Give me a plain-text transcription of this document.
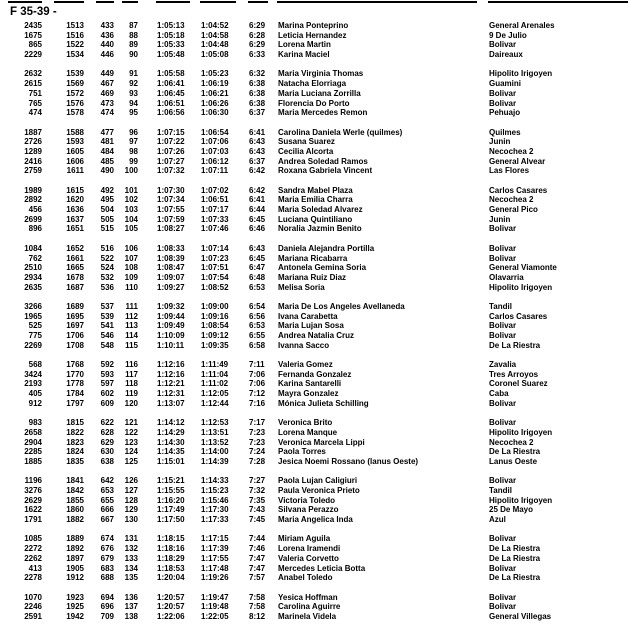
F 35-39 -
2435	1513	433	87 1:05:13 1:04:52	6:29 Marina Ponteprino	General Arenales
1675	1516	436	88 1:05:18 1:04:58	6:28 Leticia Hernandez	9 De Julio
865	1522	440	89 1:05:33 1:04:48	6:29 Lorena Martin	Bolivar
2229	1534	446	90 1:05:48 1:05:08	6:33 Karina Maciel	Daireaux
2632	1539	449	91 1:05:58 1:05:23	6:32 Maria Virginia Thomas	Hipolito Irigoyen
2615	1569	467	92 1:06:41 1:06:19	6:38 Natacha Elorriaga	Guamini
751	1572	469	93 1:06:45 1:06:21	6:38 Maria Luciana Zorrilla	Bolivar
765	1576	473	94 1:06:51 1:06:26	6:38 Florencia Do Porto	Bolivar
474	1578	474	95 1:06:56 1:06:30	6:37 Maria Mercedes Remon	Pehuajo
1887	1588	477	96 1:07:15 1:06:54	6:41 Carolina Daniela Werle (quilmes)	Quilmes
2726	1593	481	97 1:07:22 1:07:06	6:43 Susana Suarez	Junin
1289	1605	484	98 1:07:26 1:07:03	6:43 Cecilia Alcorta	Necochea 2
2416	1606	485	99 1:07:27 1:06:12	6:37 Andrea Soledad Ramos	General Alvear
2759	1611	490	100 1:07:32 1:07:11	6:42 Roxana Gabriela Vincent	Las Flores
1989	1615	492	101 1:07:30 1:07:02	6:42 Sandra Mabel Plaza	Carlos Casares
2892	1620	495	102 1:07:34 1:06:51	6:41 Maria Emilia Charra	Necochea 2
456	1636	504	103 1:07:55 1:07:17	6:44 Maria Soledad Alvarez	General Pico
2699	1637	505	104 1:07:59 1:07:33	6:45 Luciana Quintiliano	Junin
896	1651	515	105 1:08:27 1:07:46	6:46 Noralia Jazmin Benito	Bolivar
1084	1652	516	106 1:08:33 1:07:14	6:43 Daniela Alejandra Portilla	Bolivar
762	1661	522	107 1:08:39 1:07:23	6:45 Mariana Ricabarra	Bolivar
2510	1665	524	108 1:08:47 1:07:51	6:47 Antonela Gemina Soria	General Viamonte
2934	1678	532	109 1:09:07 1:07:54	6:48 Mariana Ruiz Diaz	Olavarria
2635	1687	536	110 1:09:27 1:08:52	6:53 Melisa Soria	Hipolito Irigoyen
3266	1689	537	111 1:09:32 1:09:00	6:54 Maria De Los Angeles Avellaneda	Tandil
1965	1695	539	112 1:09:44 1:09:16	6:56 Ivana Carabetta	Carlos Casares
525	1697	541	113 1:09:49 1:08:54	6:53 Maria Lujan Sosa	Bolivar
775	1706	546	114 1:10:09 1:09:12	6:55 Andrea Natalia Cruz	Bolivar
2269	1708	548	115 1:10:11 1:09:35	6:58 Ivanna Sacco	De La Riestra
568	1768	592	116 1:12:16 1:11:49	7:11 Valeria Gomez	Zavalia
3424	1770	593	117 1:12:16 1:11:04	7:06 Fernanda Gonzalez	Tres Arroyos
2193	1778	597	118 1:12:21 1:11:02	7:06 Karina Santarelli	Coronel Suarez
405	1784	602	119 1:12:31 1:12:05	7:12 Mayra Gonzalez	Caba
912	1797	609	120 1:13:07 1:12:44	7:16 Mónica Julieta Schilling	Bolivar
983	1815	622	121 1:14:12 1:12:53	7:17 Veronica Brito	Bolivar
2658	1822	628	122 1:14:29 1:13:51	7:23 Lorena Manque	Hipolito Irigoyen
2904	1823	629	123 1:14:30 1:13:52	7:23 Veronica Marcela Lippi	Necochea 2
2285	1824	630	124 1:14:35 1:14:00	7:24 Paola Torres	De La Riestra
1885	1835	638	125 1:15:01 1:14:39	7:28 Jesica Noemi Rossano (lanus Oeste)	Lanus Oeste
1196	1841	642	126 1:15:21 1:14:33	7:27 Paola Lujan Caligiuri	Bolivar
3276	1842	653	127 1:15:55 1:15:23	7:32 Paula Veronica Prieto	Tandil
2629	1855	655	128 1:16:20 1:15:46	7:35 Victoria Toledo	Hipolito Irigoyen
1622	1860	666	129 1:17:49 1:17:30	7:43 Silvana Perazzo	25 De Mayo
1791	1882	667	130 1:17:50 1:17:33	7:45 Maria Angelica Inda	Azul
1085	1889	674	131 1:18:15 1:17:15	7:44 Miriam Aguila	Bolivar
2272	1892	676	132 1:18:16 1:17:39	7:46 Lorena Iramendi	De La Riestra
2262	1897	679	133 1:18:29 1:17:55	7:47 Valeria Corvetto	De La Riestra
413	1905	683	134 1:18:53 1:17:48	7:47 Mercedes Leticia Botta	Bolivar
2278	1912	688	135 1:20:04 1:19:26	7:57 Anabel Toledo	De La Riestra
1070	1923	694	136 1:20:57 1:19:47	7:58 Yesica Hoffman	Bolivar
2246	1925	696	137 1:20:57 1:19:48	7:58 Carolina Aguirre	Bolivar
2591	1942	709	138 1:22:06 1:22:05	8:12 Marinela Videla	General Villegas
